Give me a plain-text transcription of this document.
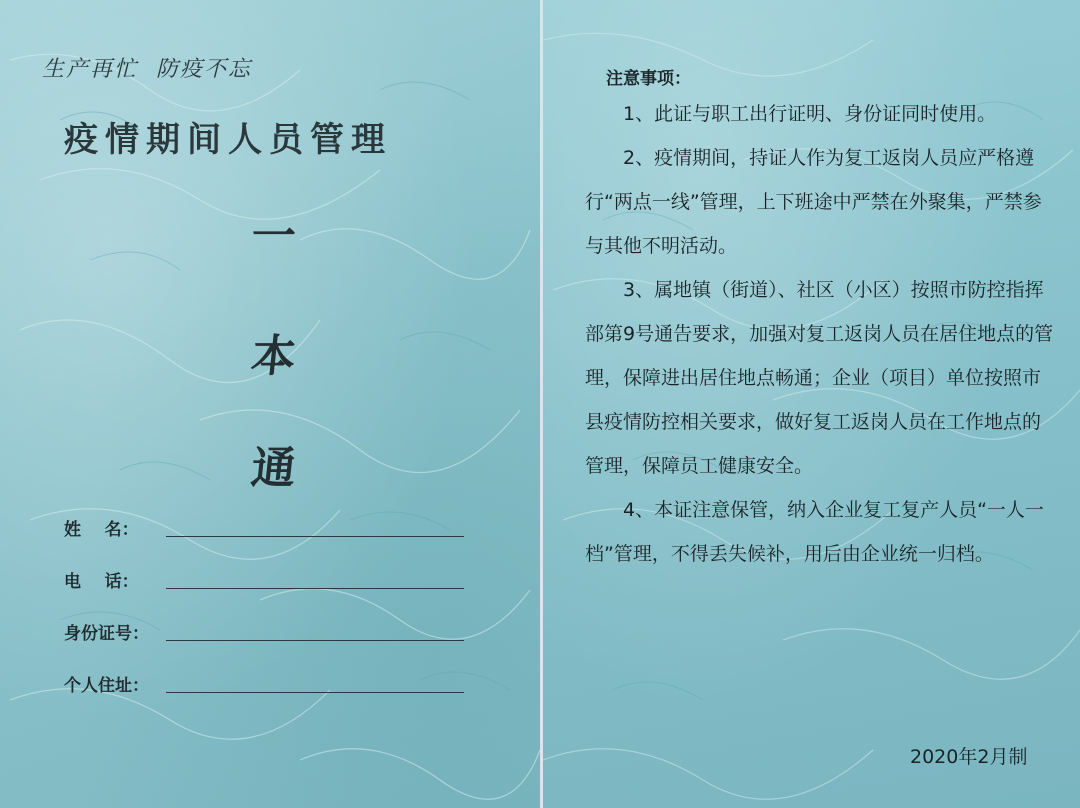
生产再忙  防疫不忘
疫情期间人员管理
一
本
通
姓    名：
电    话：
身份证号：
个人住址：
注意事项：

1、此证与职工出行证明、身份证同时使用。

2、疫情期间，持证人作为复工返岗人员应严格遵行“两点一线”管理，上下班途中严禁在外聚集，严禁参与其他不明活动。

3、属地镇（街道）、社区（小区）按照市防控指挥部第9号通告要求，加强对复工返岗人员在居住地点的管理，保障进出居住地点畅通；企业（项目）单位按照市县疫情防控相关要求，做好复工返岗人员在工作地点的管理，保障员工健康安全。

4、本证注意保管，纳入企业复工复产人员“一人一档”管理，不得丢失候补，用后由企业统一归档。

2020年2月制
